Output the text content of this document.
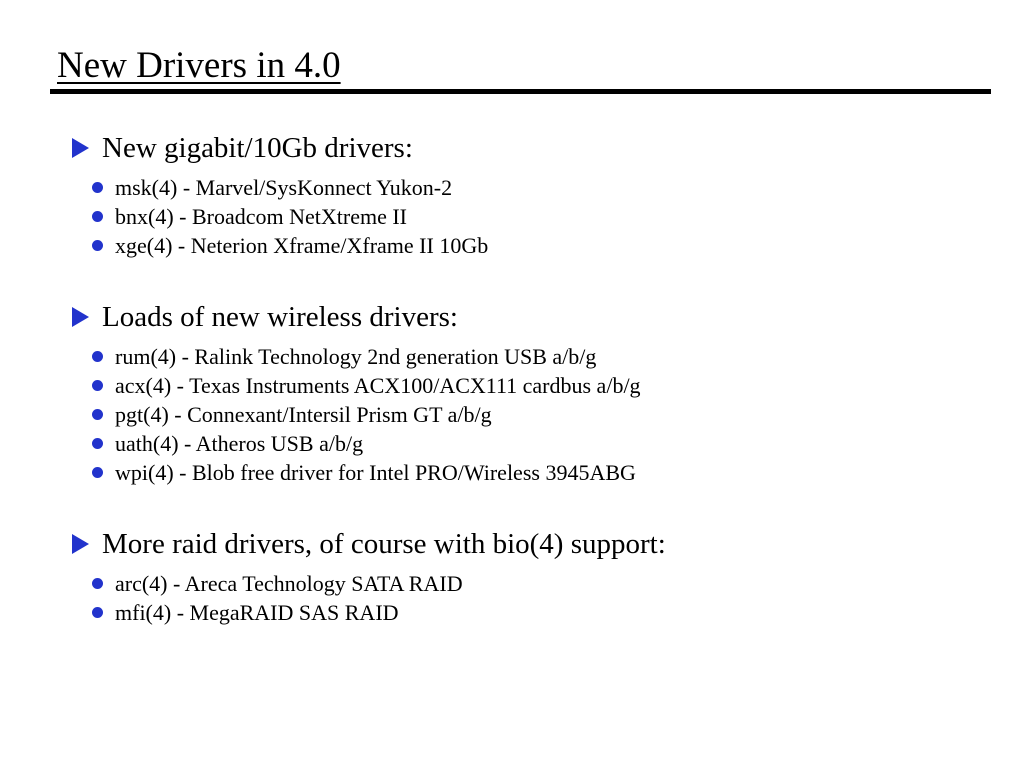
New Drivers in 4.0
New gigabit/10Gb drivers:
msk(4) - Marvel/SysKonnect Yukon-2
bnx(4) - Broadcom NetXtreme II
xge(4) - Neterion Xframe/Xframe II 10Gb
Loads of new wireless drivers:
rum(4) - Ralink Technology 2nd generation USB a/b/g
acx(4) - Texas Instruments ACX100/ACX111 cardbus a/b/g
pgt(4) - Connexant/Intersil Prism GT a/b/g
uath(4) - Atheros USB a/b/g
wpi(4) - Blob free driver for Intel PRO/Wireless 3945ABG
More raid drivers, of course with bio(4) support:
arc(4) - Areca Technology SATA RAID
mfi(4) - MegaRAID SAS RAID
